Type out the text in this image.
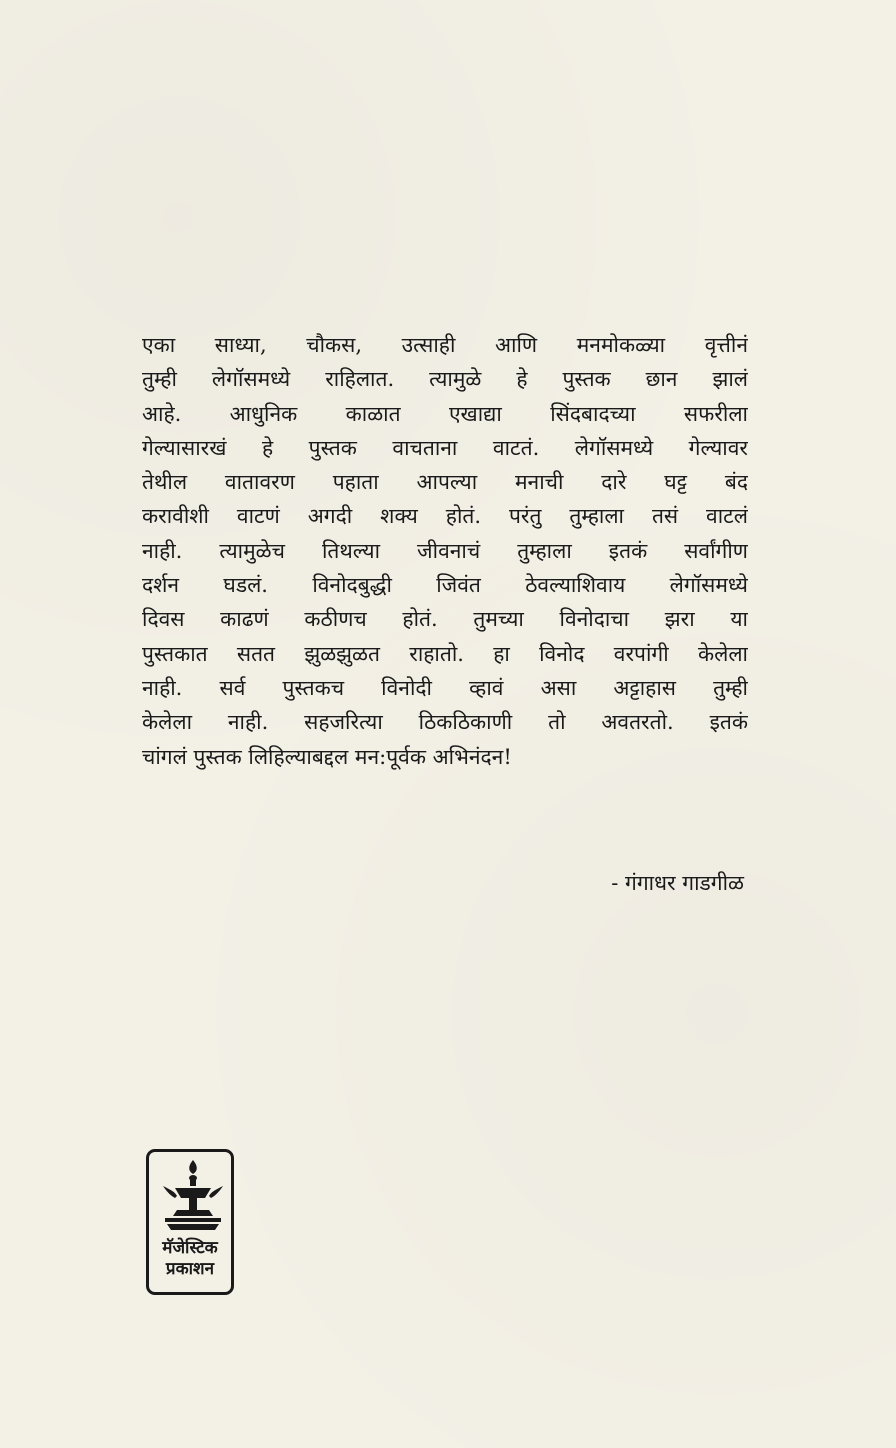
एका साध्या, चौकस, उत्साही आणि मनमोकळ्या वृत्तीनं
तुम्ही लेगॉसमध्ये राहिलात. त्यामुळे हे पुस्तक छान झालं
आहे. आधुनिक काळात एखाद्या सिंदबादच्या सफरीला
गेल्यासारखं हे पुस्तक वाचताना वाटतं. लेगॉसमध्ये गेल्यावर
तेथील वातावरण पहाता आपल्या मनाची दारे घट्ट बंद
करावीशी वाटणं अगदी शक्य होतं. परंतु तुम्हाला तसं वाटलं
नाही. त्यामुळेच तिथल्या जीवनाचं तुम्हाला इतकं सर्वांगीण
दर्शन घडलं. विनोदबुद्धी जिवंत ठेवल्याशिवाय लेगॉसमध्ये
दिवस काढणं कठीणच होतं. तुमच्या विनोदाचा झरा या
पुस्तकात सतत झुळझुळत राहातो. हा विनोद वरपांगी केलेला
नाही. सर्व पुस्तकच विनोदी व्हावं असा अट्टाहास तुम्ही
केलेला नाही. सहजरित्या ठिकठिकाणी तो अवतरतो. इतकं
चांगलं पुस्तक लिहिल्याबद्दल मन:पूर्वक अभिनंदन!
- गंगाधर गाडगीळ
मॅजेस्टिक
प्रकाशन
